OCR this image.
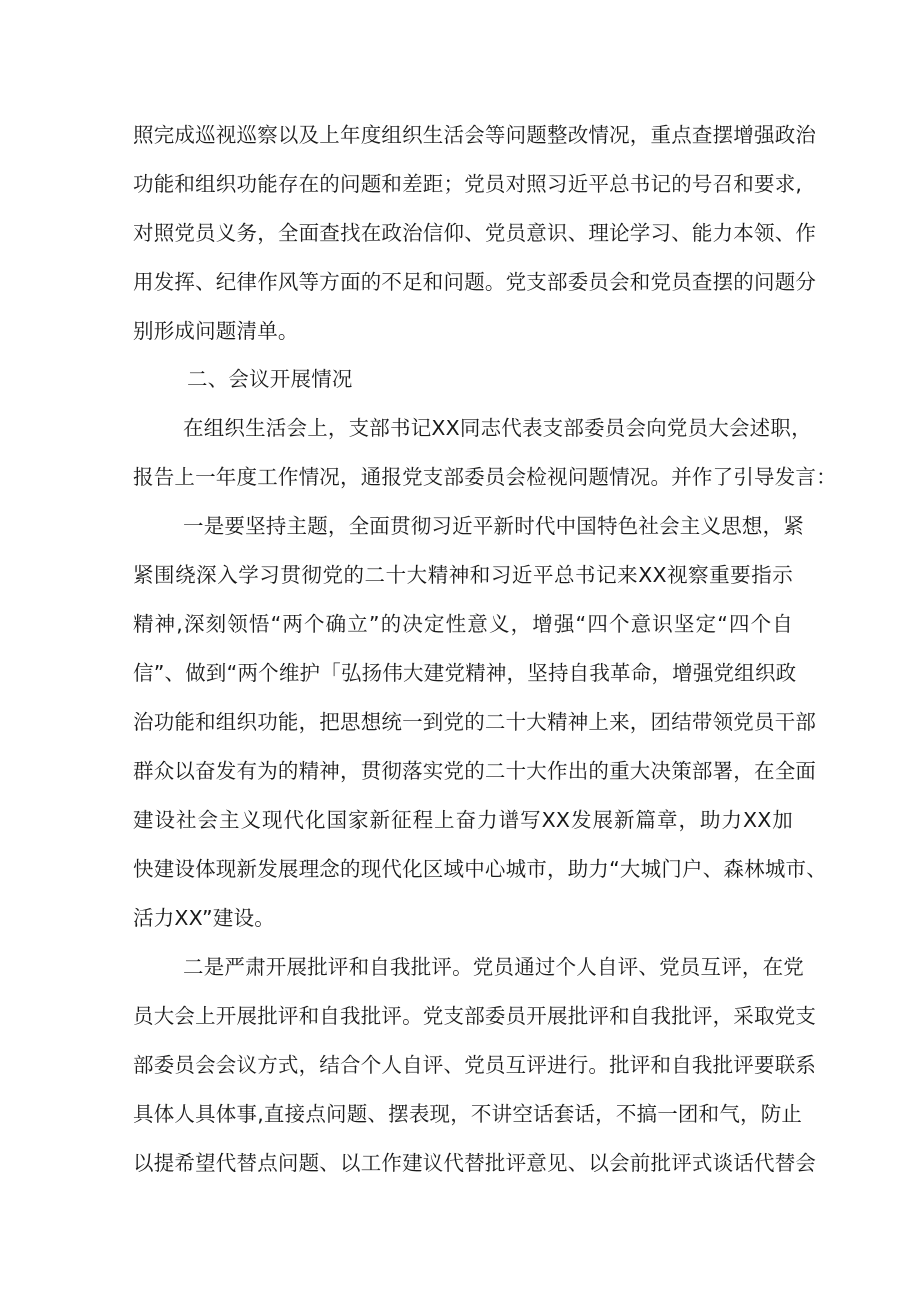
照完成巡视巡察以及上年度组织生活会等问题整改情况，重点查摆增强政治
功能和组织功能存在的问题和差距；党员对照习近平总书记的号召和要求,
对照党员义务，全面查找在政治信仰、党员意识、理论学习、能力本领、作
用发挥、纪律作风等方面的不足和问题。党支部委员会和党员查摆的问题分
别形成问题清单。
二、会议开展情况
在组织生活会上，支部书记XX同志代表支部委员会向党员大会述职，
报告上一年度工作情况，通报党支部委员会检视问题情况。并作了引导发言：
一是要坚持主题，全面贯彻习近平新时代中国特色社会主义思想，紧
紧围绕深入学习贯彻党的二十大精神和习近平总书记来XX视察重要指示
精神,深刻领悟“两个确立”的决定性意义，增强“四个意识坚定“四个自
信”、做到“两个维护「弘扬伟大建党精神，坚持自我革命，增强党组织政
治功能和组织功能，把思想统一到党的二十大精神上来，团结带领党员干部
群众以奋发有为的精神，贯彻落实党的二十大作出的重大决策部署，在全面
建设社会主义现代化国家新征程上奋力谱写XX发展新篇章，助力XX加
快建设体现新发展理念的现代化区域中心城市，助力“大城门户、森林城市、
活力XX”建设。
二是严肃开展批评和自我批评。党员通过个人自评、党员互评，在党
员大会上开展批评和自我批评。党支部委员开展批评和自我批评，采取党支
部委员会会议方式，结合个人自评、党员互评进行。批评和自我批评要联系
具体人具体事,直接点问题、摆表现，不讲空话套话，不搞一团和气，防止
以提希望代替点问题、以工作建议代替批评意见、以会前批评式谈话代替会
